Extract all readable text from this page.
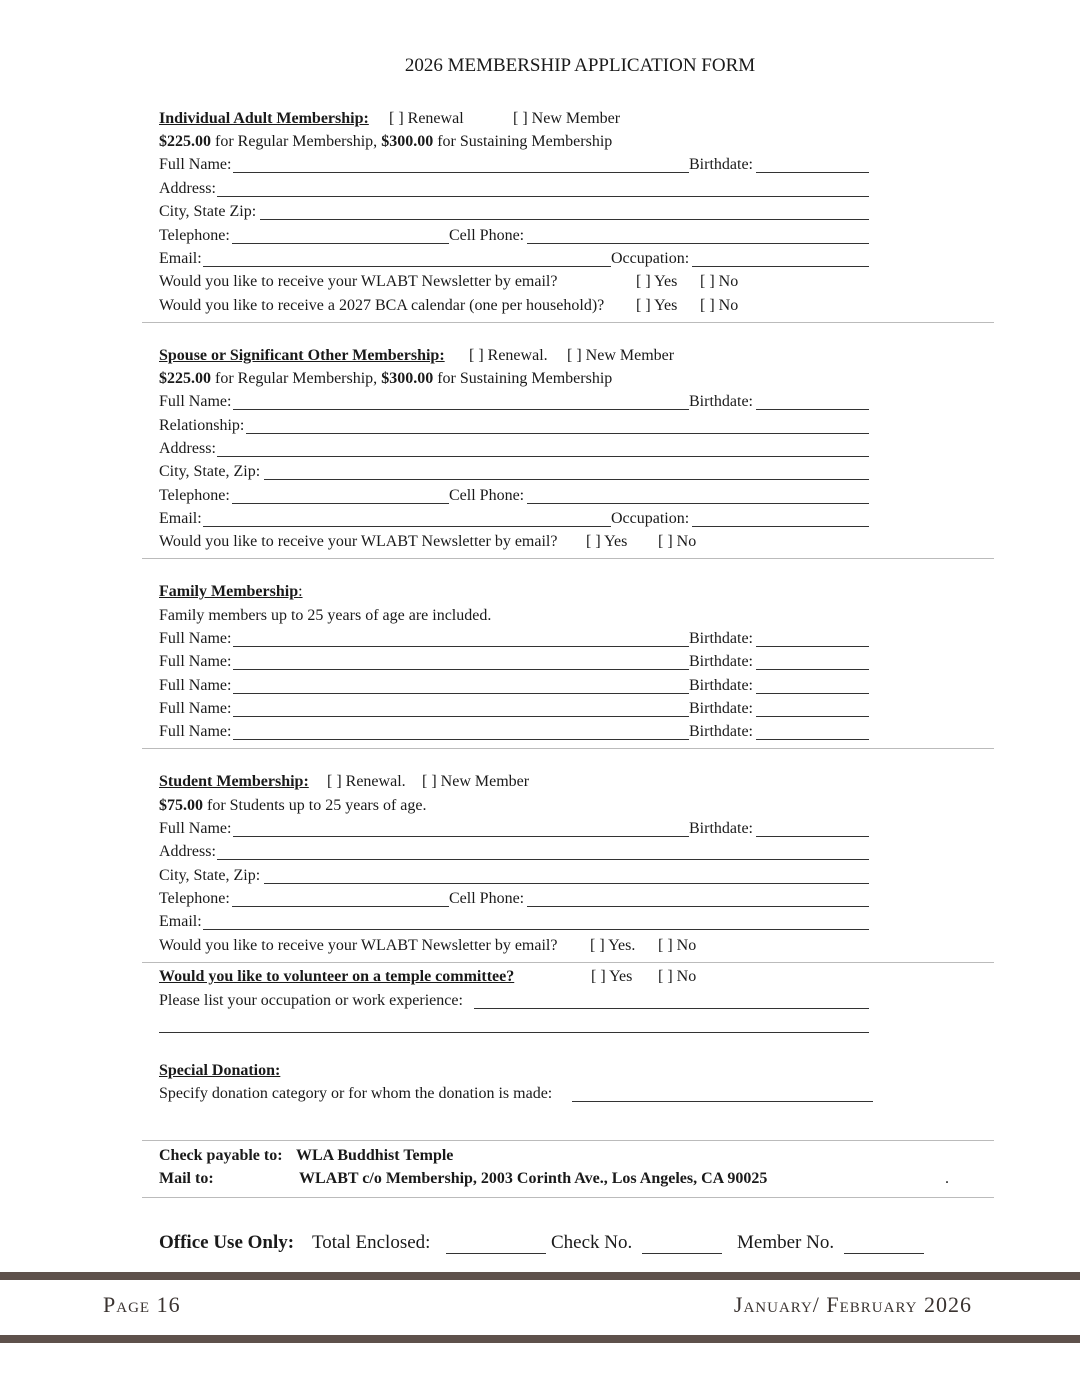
2026 MEMBERSHIP APPLICATION FORM
Individual Adult Membership: [ ] Renewal	[ ] New Member
$225.00 for Regular Membership, $300.00 for Sustaining Membership
Full Name:	Birthdate:
Address:
City, State Zip:
Telephone:	Cell Phone:
Email:	Occupation:
Would you like to receive your WLABT Newsletter by email?	[ ] Yes [ ] No
Would you like to receive a 2027 BCA calendar (one per household)? [ ] Yes [ ] No
Spouse or Significant Other Membership: [ ] Renewal. [ ] New Member
$225.00 for Regular Membership, $300.00 for Sustaining Membership
Full Name:	Birthdate:
Relationship:
Address:
City, State, Zip:
Telephone:	Cell Phone:
Email:	Occupation:
Would you like to receive your WLABT Newsletter by email? [ ] Yes [ ] No
Family Membership:
Family members up to 25 years of age are included.
Full Name:	Birthdate:
Full Name:	Birthdate:
Full Name:	Birthdate:
Full Name:	Birthdate:
Full Name:	Birthdate:
Student Membership: [ ] Renewal. [ ] New Member
$75.00 for Students up to 25 years of age.
Full Name:	Birthdate:
Address:
City, State, Zip:
Telephone:	Cell Phone:
Email:
Would you like to receive your WLABT Newsletter by email? [ ] Yes. [ ] No
Would you like to volunteer on a temple committee?	[ ] Yes [ ] No
Please list your occupation or work experience:
Special Donation:
Specify donation category or for whom the donation is made:
Check payable to: WLA Buddhist Temple
Mail to:	WLABT c/o Membership, 2003 Corinth Ave., Los Angeles, CA 90025	.
Office Use Only: Total Enclosed:	Check No.	Member No.
Page 16	January/ February 2026
